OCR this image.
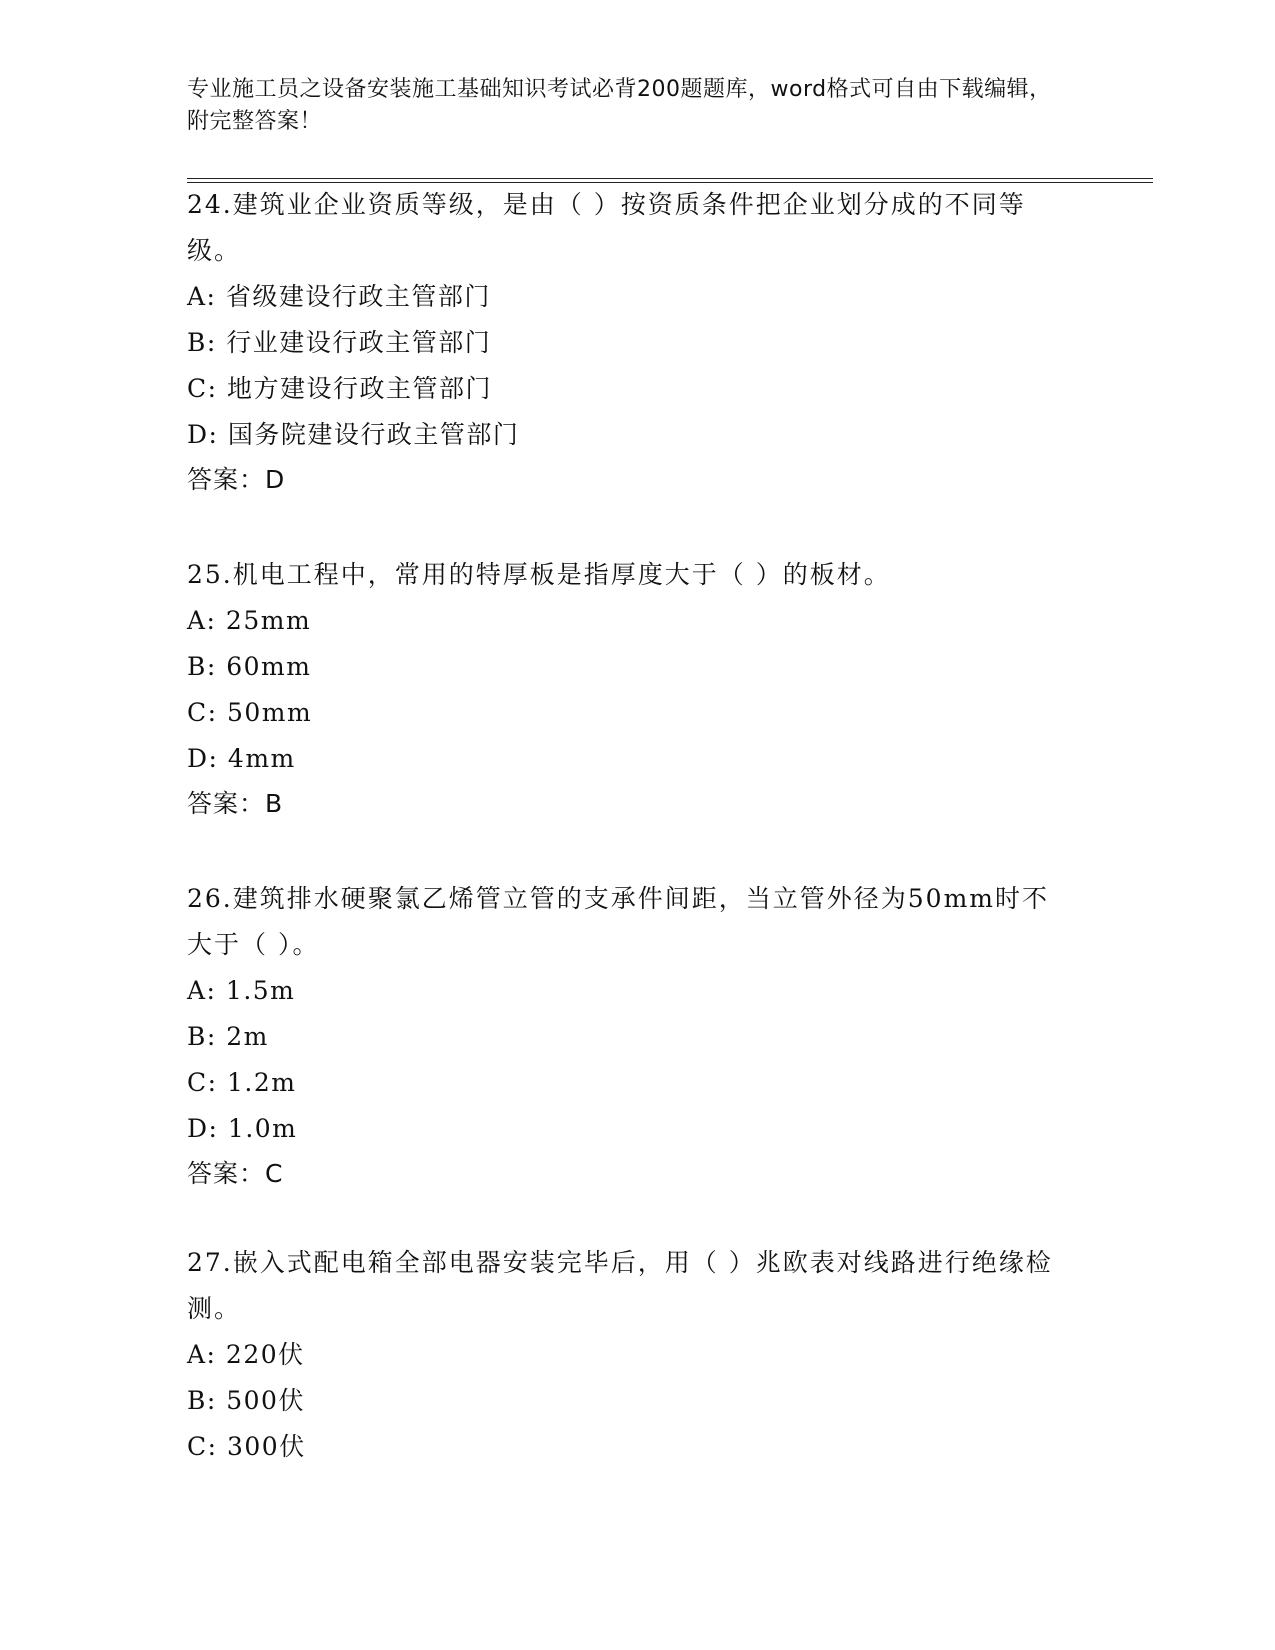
专业施工员之设备安装施工基础知识考试必背200题题库，word格式可自由下载编辑，附完整答案！
24.建筑业企业资质等级，是由（ ）按资质条件把企业划分成的不同等级。
A: 省级建设行政主管部门
B: 行业建设行政主管部门
C: 地方建设行政主管部门
D: 国务院建设行政主管部门
答案：D
25.机电工程中，常用的特厚板是指厚度大于（ ）的板材。
A: 25mm
B: 60mm
C: 50mm
D: 4mm
答案：B
26.建筑排水硬聚氯乙烯管立管的支承件间距，当立管外径为50mm时不大于（ ）。
A: 1.5m
B: 2m
C: 1.2m
D: 1.0m
答案：C
27.嵌入式配电箱全部电器安装完毕后，用（ ）兆欧表对线路进行绝缘检测。
A: 220伏
B: 500伏
C: 300伏
